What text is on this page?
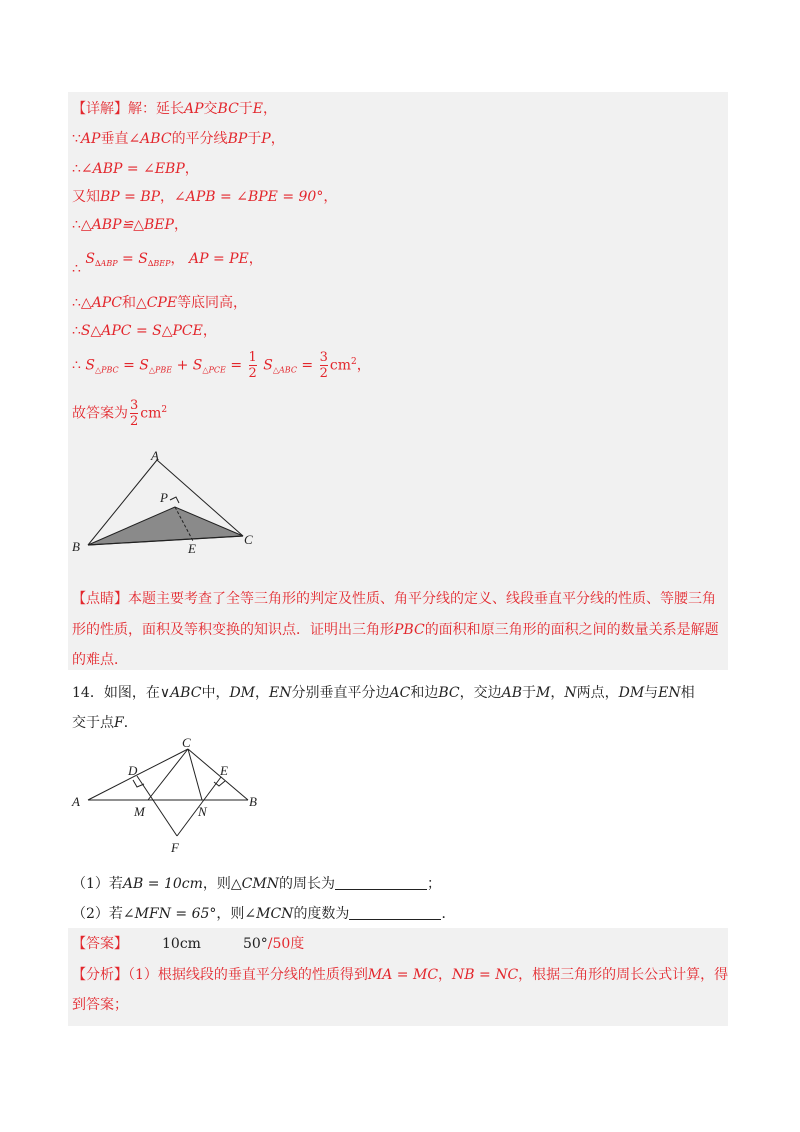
【详解】解：延长AP交BC于E，
∵AP垂直∠ABC的平分线BP于P，
∴∠ABP = ∠EBP，
又知BP = BP，∠APB = ∠BPE = 90°，
∴△ABP≌△BEP，
∴ $S_{\Delta ABP} = S_{\Delta BEP}$， AP = PE，
∴△APC和△CPE等底同高，
∴S△APC = S△PCE，
∴ $S_{\triangle PBC} = S_{\triangle PBE} + S_{\triangle PCE} = \frac{1}{2} S_{\triangle ABC} = \frac{3}{2} cm^2$，
故答案为 $\frac{3}{2} cm^2$
A
P
B	E
C
【点睛】本题主要考查了全等三角形的判定及性质、角平分线的定义、线段垂直平分线的性质、等腰三角
形的性质，面积及等积变换的知识点．证明出三角形PBC的面积和原三角形的面积之间的数量关系是解题
的难点．
14．如图，在∨ABC中，DM，EN分别垂直平分边AC和边BC，交边AB于M，N两点，DM与EN相
交于点F．
C
D	E
A
M	N
B
F
（1）若AB = 10cm，则△CMN的周长为	；
（2）若∠MFN = 65°，则∠MCN的度数为	．
【答案】 10cm	50°/50度
【分析】（1）根据线段的垂直平分线的性质得到MA = MC，NB = NC，根据三角形的周长公式计算，得
到答案；
